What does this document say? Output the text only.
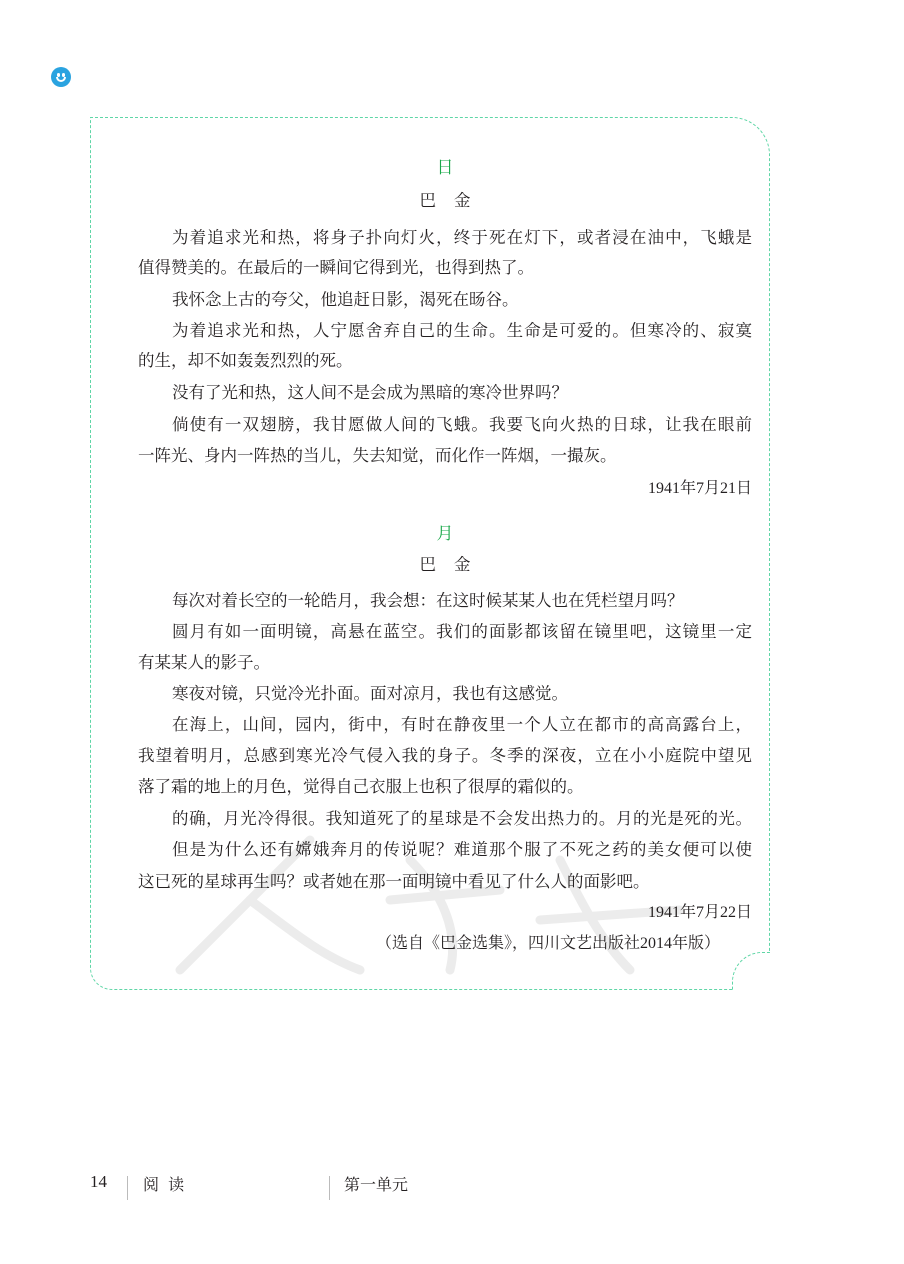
日
巴金
为着追求光和热，将身子扑向灯火，终于死在灯下，或者浸在油中，飞蛾是
值得赞美的。在最后的一瞬间它得到光，也得到热了。
我怀念上古的夸父，他追赶日影，渴死在旸谷。
为着追求光和热，人宁愿舍弃自己的生命。生命是可爱的。但寒冷的、寂寞
的生，却不如轰轰烈烈的死。
没有了光和热，这人间不是会成为黑暗的寒冷世界吗？
倘使有一双翅膀，我甘愿做人间的飞蛾。我要飞向火热的日球，让我在眼前
一阵光、身内一阵热的当儿，失去知觉，而化作一阵烟，一撮灰。
1941年7月21日
月
巴金
每次对着长空的一轮皓月，我会想：在这时候某某人也在凭栏望月吗？
圆月有如一面明镜，高悬在蓝空。我们的面影都该留在镜里吧，这镜里一定
有某某人的影子。
寒夜对镜，只觉冷光扑面。面对凉月，我也有这感觉。
在海上，山间，园内，街中，有时在静夜里一个人立在都市的高高露台上，
我望着明月，总感到寒光冷气侵入我的身子。冬季的深夜，立在小小庭院中望见
落了霜的地上的月色，觉得自己衣服上也积了很厚的霜似的。
的确，月光冷得很。我知道死了的星球是不会发出热力的。月的光是死的光。
但是为什么还有嫦娥奔月的传说呢？难道那个服了不死之药的美女便可以使
这已死的星球再生吗？或者她在那一面明镜中看见了什么人的面影吧。
1941年7月22日
（选自《巴金选集》，四川文艺出版社2014年版）
14 阅 读	第一单元
